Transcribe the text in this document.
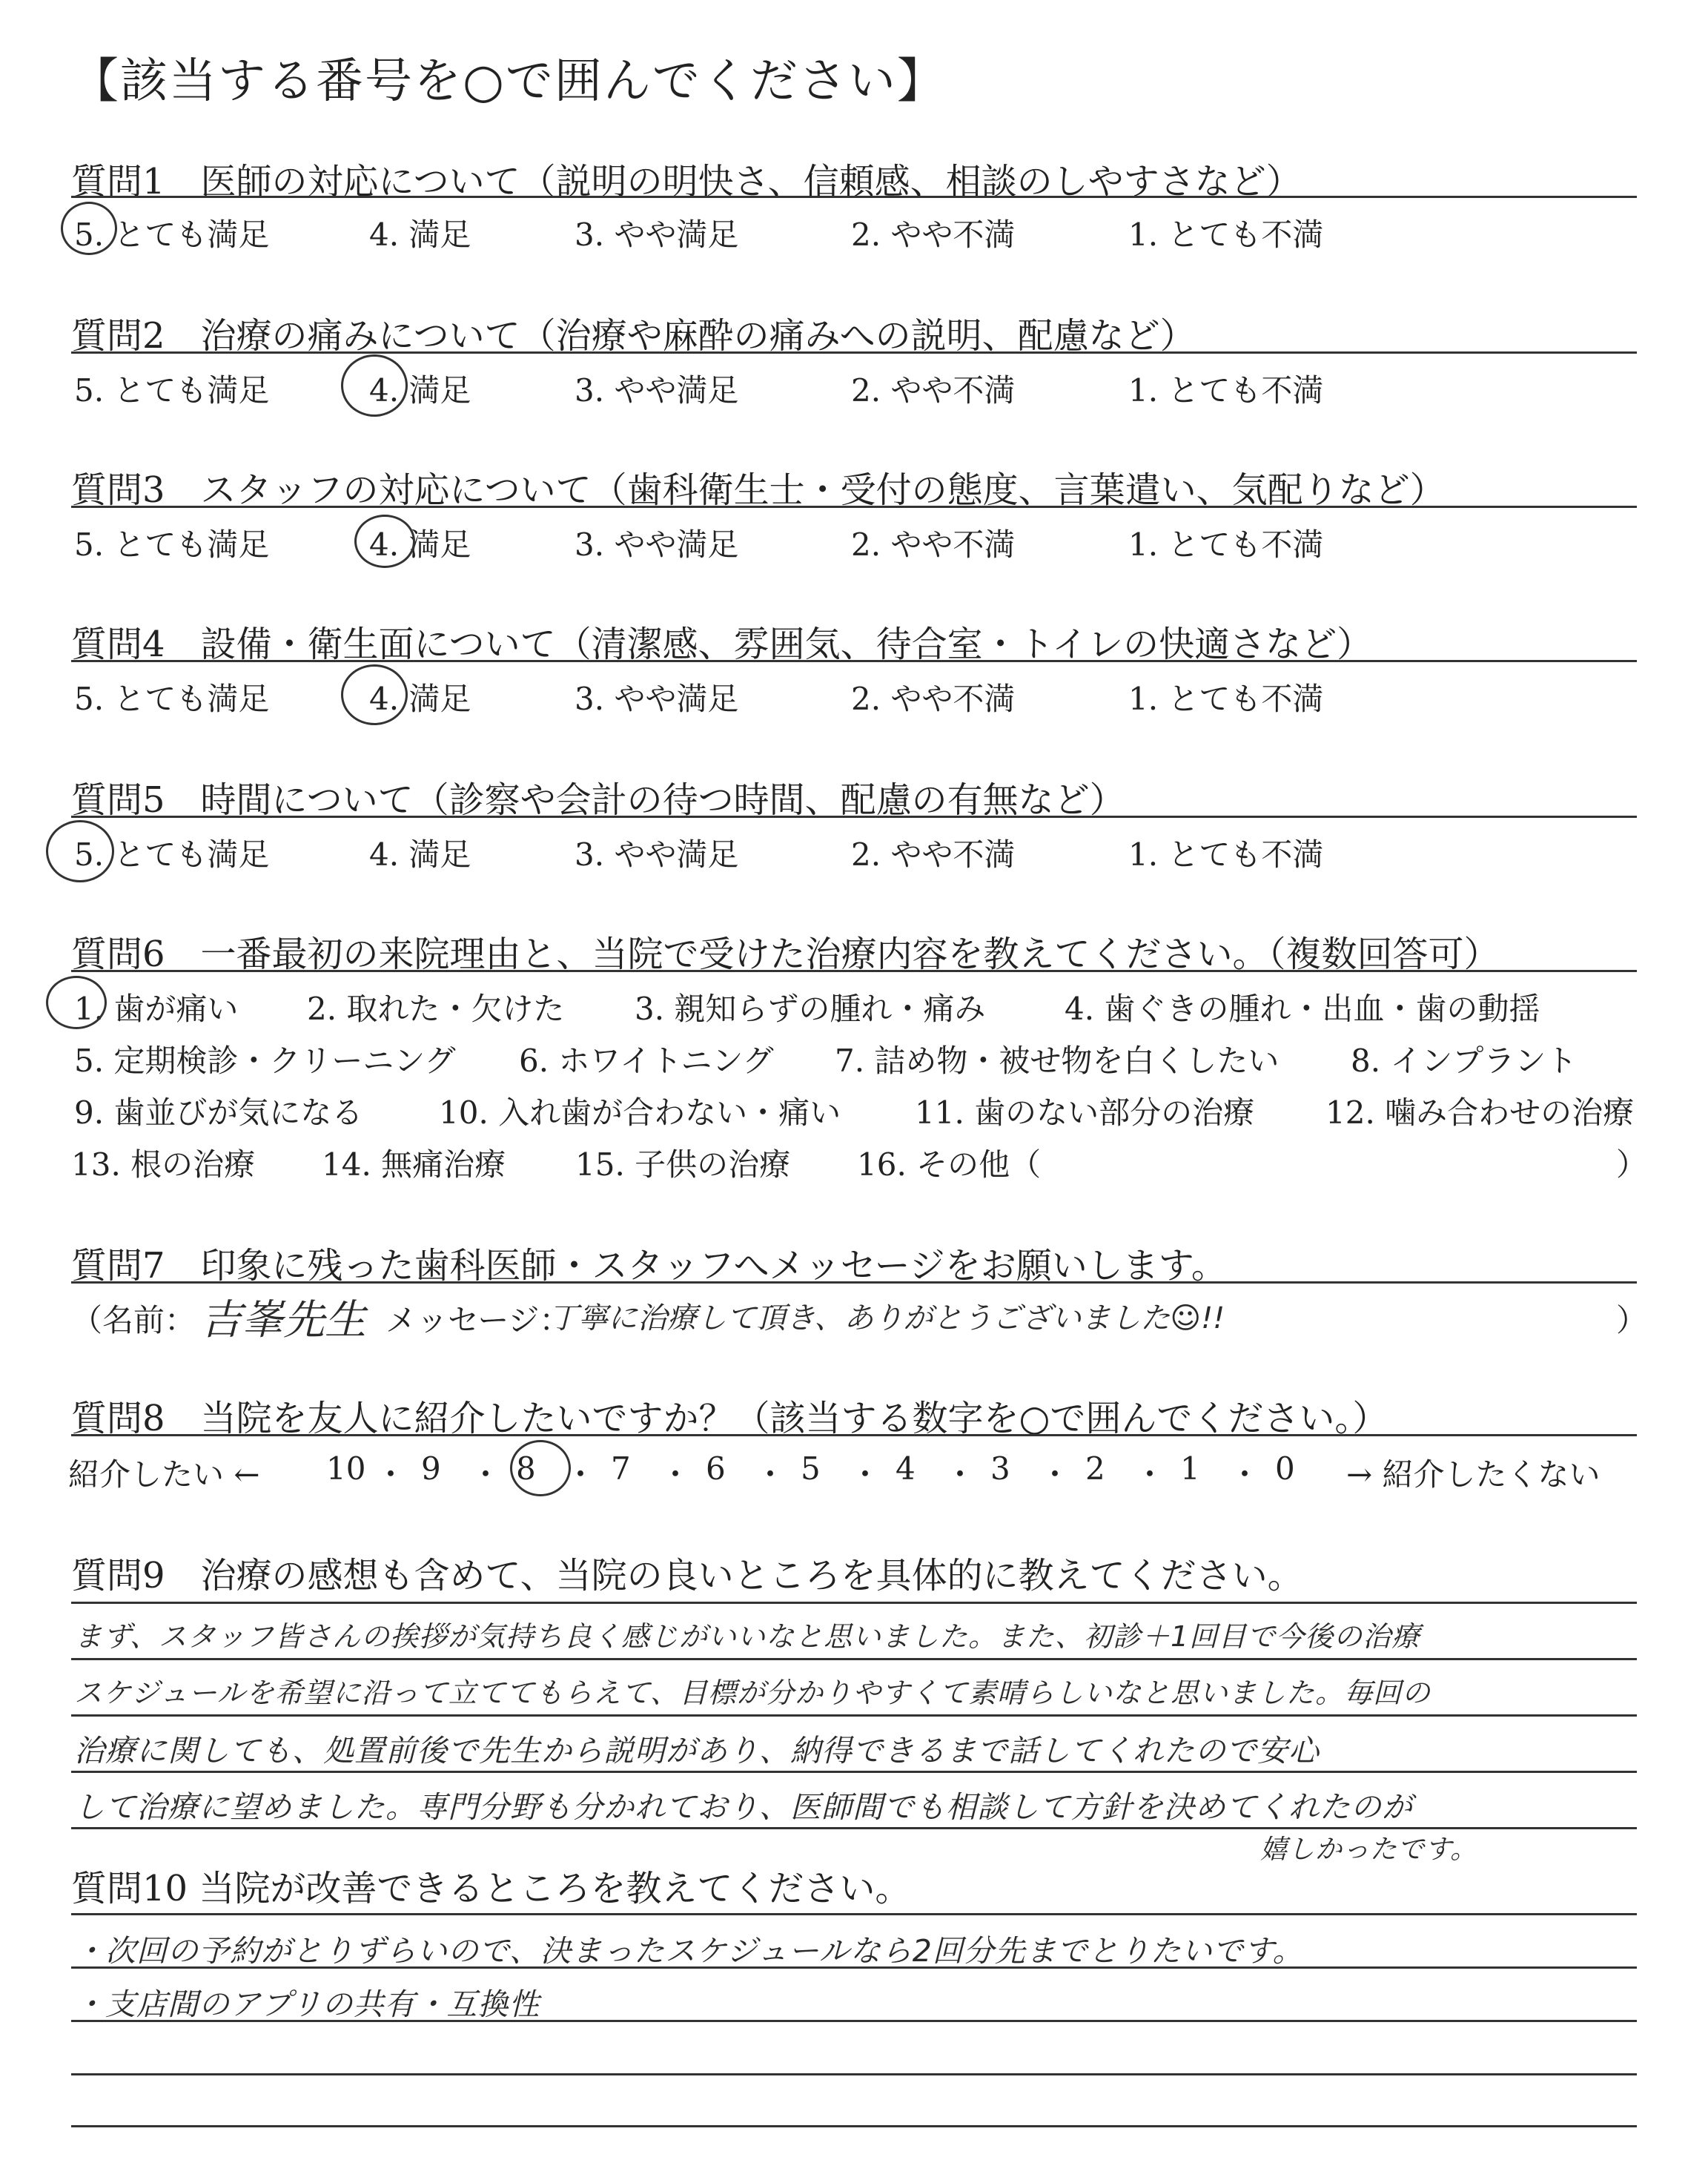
【該当する番号を○で囲んでください】
質問1　医師の対応について（説明の明快さ、信頼感、相談のしやすさなど）
5. とても満足	4. 満足	3. やや満足	2. やや不満	1. とても不満
質問2　治療の痛みについて（治療や麻酔の痛みへの説明、配慮など）
5. とても満足	4. 満足	3. やや満足	2. やや不満	1. とても不満
質問3　スタッフの対応について（歯科衛生士・受付の態度、言葉遣い、気配りなど）
5. とても満足	4. 満足	3. やや満足	2. やや不満	1. とても不満
質問4　設備・衛生面について（清潔感、雰囲気、待合室・トイレの快適さなど）
5. とても満足	4. 満足	3. やや満足	2. やや不満	1. とても不満
質問5　時間について（診察や会計の待つ時間、配慮の有無など）
5. とても満足	4. 満足	3. やや満足	2. やや不満	1. とても不満
質問6　一番最初の来院理由と、当院で受けた治療内容を教えてください。（複数回答可）
1. 歯が痛い 2. 取れた・欠けた 3. 親知らずの腫れ・痛み	4. 歯ぐきの腫れ・出血・歯の動揺
5. 定期検診・クリーニング 6. ホワイトニング 7. 詰め物・被せ物を白くしたい 8. インプラント
9. 歯並びが気になる 10. 入れ歯が合わない・痛い 11. 歯のない部分の治療 12. 噛み合わせの治療
13. 根の治療 14. 無痛治療 15. 子供の治療 16. その他（	）
質問7　印象に残った歯科医師・スタッフへメッセージをお願いします。
（名前： 吉峯先生 メッセージ：
丁寧に治療して頂き、ありがとうございました☺!!	）
質問8　当院を友人に紹介したいですか？（該当する数字を○で囲んでください。）
紹介したい ← 10 ・ 9 ・ 8 ・ 7 ・ 6 ・ 5 ・ 4 ・ 3 ・ 2 ・ 1 ・ 0 → 紹介したくない
質問9　治療の感想も含めて、当院の良いところを具体的に教えてください。
まず、スタッフ皆さんの挨拶が気持ち良く感じがいいなと思いました。また、初診＋1回目で今後の治療
スケジュールを希望に沿って立ててもらえて、目標が分かりやすくて素晴らしいなと思いました。毎回の
治療に関しても、処置前後で先生から説明があり、納得できるまで話してくれたので安心
して治療に望めました。専門分野も分かれており、医師間でも相談して方針を決めてくれたのが
嬉しかったです。
質問10 当院が改善できるところを教えてください。
・次回の予約がとりずらいので、決まったスケジュールなら2回分先までとりたいです。
・支店間のアプリの共有・互換性
